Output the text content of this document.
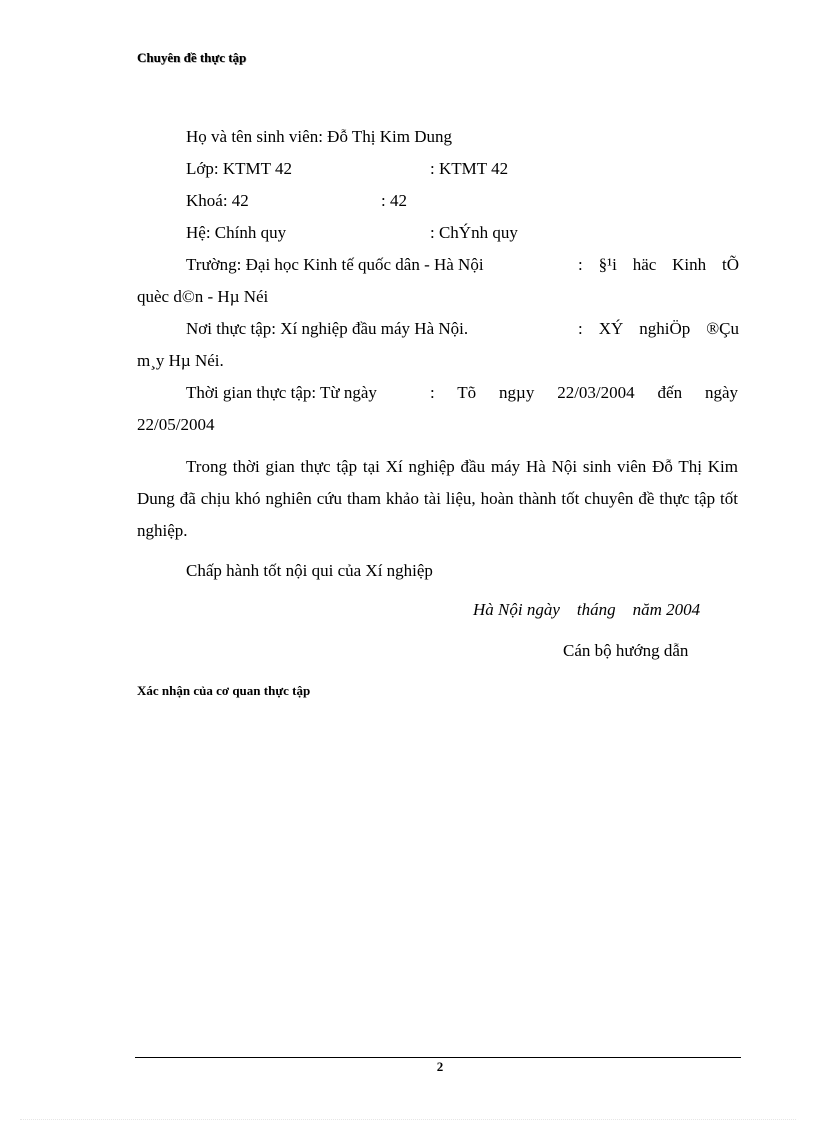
Chuyên đề thực tập
Họ và tên sinh viên: Đỗ Thị Kim Dung
Lớp: KTMT 42	: KTMT 42
Khoá: 42	: 42
Hệ: Chính quy	: ChÝnh quy
Trường: Đại học Kinh tế quốc dân - Hà Nội	: §¹i häc Kinh tÕ
quèc d©n - Hµ Néi
Nơi thực tập: Xí nghiệp đầu máy Hà Nội.	: XÝ nghiÖp ®Çu
m¸y Hµ Néi.
Thời gian thực tập: Từ ngày	: Tõ ngµy 22/03/2004 đến ngày
22/05/2004
Trong thời gian thực tập tại Xí nghiệp đầu máy Hà Nội sinh viên Đỗ Thị Kim Dung đã chịu khó nghiên cứu tham khảo tài liệu, hoàn thành tốt chuyên đề thực tập tốt nghiệp.
Chấp hành tốt nội qui của Xí nghiệp
Hà Nội ngày    tháng    năm 2004
Cán bộ hướng dẫn
Xác nhận của cơ quan thực tập
2
